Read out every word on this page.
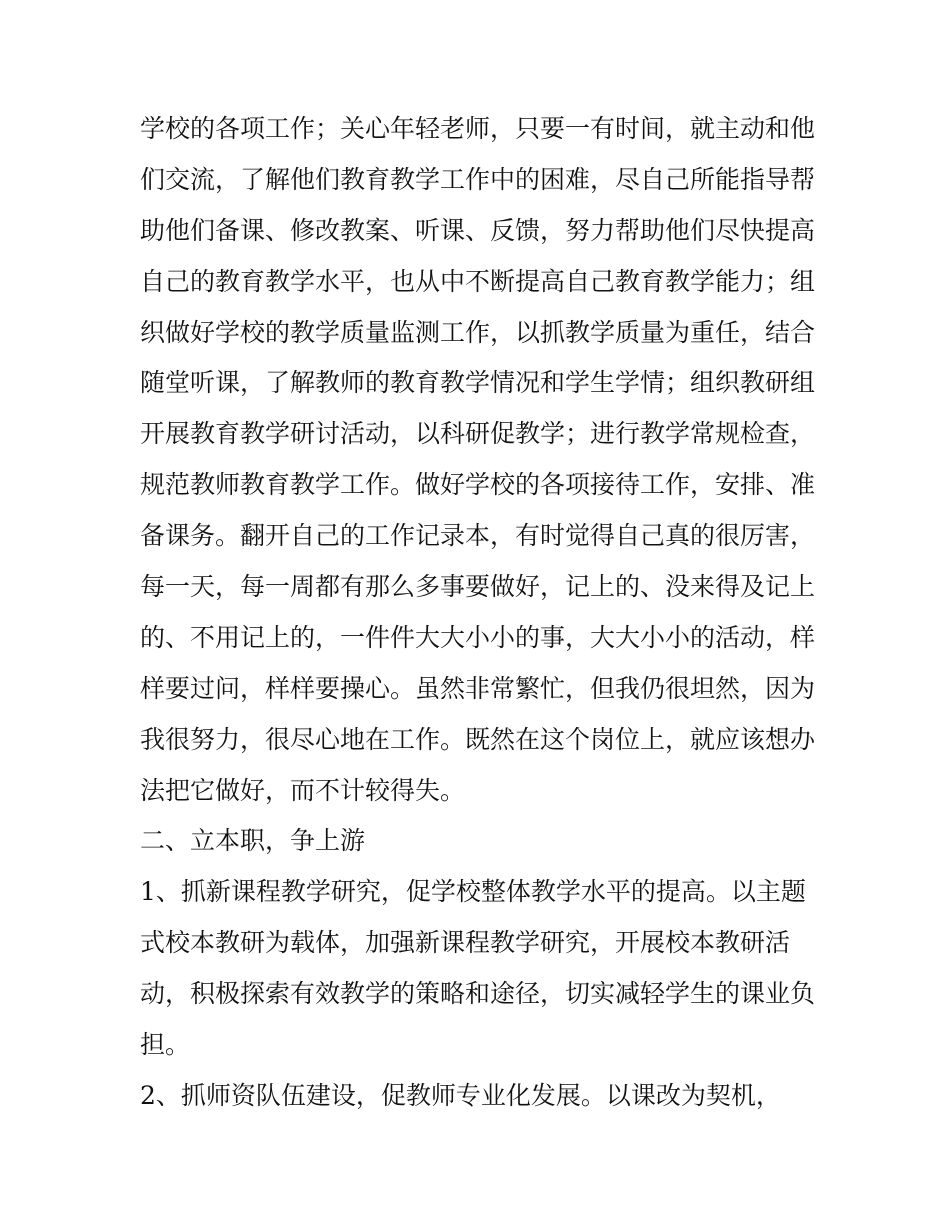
学校的各项工作；关心年轻老师，只要一有时间，就主动和他
们交流，了解他们教育教学工作中的困难，尽自己所能指导帮
助他们备课、修改教案、听课、反馈，努力帮助他们尽快提高
自己的教育教学水平，也从中不断提高自己教育教学能力；组
织做好学校的教学质量监测工作，以抓教学质量为重任，结合
随堂听课，了解教师的教育教学情况和学生学情；组织教研组
开展教育教学研讨活动，以科研促教学；进行教学常规检查，
规范教师教育教学工作。做好学校的各项接待工作，安排、准
备课务。翻开自己的工作记录本，有时觉得自己真的很厉害，
每一天，每一周都有那么多事要做好，记上的、没来得及记上
的、不用记上的，一件件大大小小的事，大大小小的活动，样
样要过问，样样要操心。虽然非常繁忙，但我仍很坦然，因为
我很努力，很尽心地在工作。既然在这个岗位上，就应该想办
法把它做好，而不计较得失。
二、立本职，争上游
1、抓新课程教学研究，促学校整体教学水平的提高。以主题
式校本教研为载体，加强新课程教学研究，开展校本教研活
动，积极探索有效教学的策略和途径，切实减轻学生的课业负
担。
2、抓师资队伍建设，促教师专业化发展。以课改为契机，
